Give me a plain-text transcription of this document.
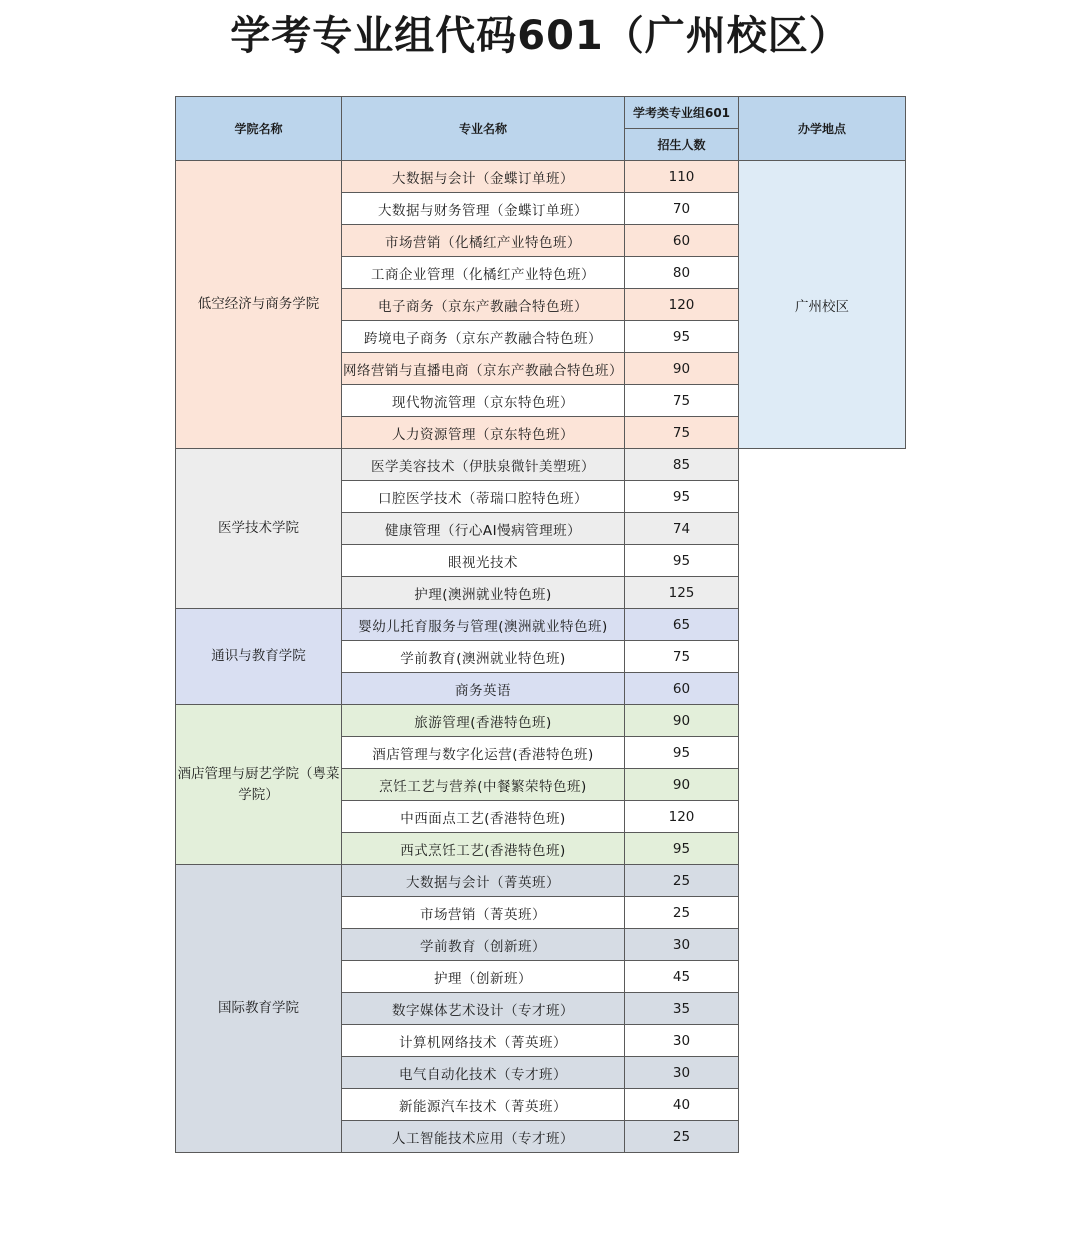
学考专业组代码601（广州校区）
学院名称	专业名称	学考类专业组601	办学地点
		招生人数	
低空经济与商务学院	大数据与会计（金蝶订单班）	110	广州校区
	大数据与财务管理（金蝶订单班）	70	
	市场营销（化橘红产业特色班）	60	
	工商企业管理（化橘红产业特色班）	80	
	电子商务（京东产教融合特色班）	120	
	跨境电子商务（京东产教融合特色班）	95	
	网络营销与直播电商（京东产教融合特色班）	90	
	现代物流管理（京东特色班）	75	
	人力资源管理（京东特色班）	75	
医学技术学院	医学美容技术（伊肤泉微针美塑班）	85	
	口腔医学技术（蒂瑞口腔特色班）	95	
	健康管理（行心AI慢病管理班）	74	
	眼视光技术	95	
	护理(澳洲就业特色班)	125	
通识与教育学院	婴幼儿托育服务与管理(澳洲就业特色班)	65	
	学前教育(澳洲就业特色班)	75	
	商务英语	60	
酒店管理与厨艺学院（粤菜学院）	旅游管理(香港特色班)	90	
	酒店管理与数字化运营(香港特色班)	95	
	烹饪工艺与营养(中餐繁荣特色班)	90	
	中西面点工艺(香港特色班)	120	
	西式烹饪工艺(香港特色班)	95	
国际教育学院	大数据与会计（菁英班）	25	
	市场营销（菁英班）	25	
	学前教育（创新班）	30	
	护理（创新班）	45	
	数字媒体艺术设计（专才班）	35	
	计算机网络技术（菁英班）	30	
	电气自动化技术（专才班）	30	
	新能源汽车技术（菁英班）	40	
	人工智能技术应用（专才班）	25	
